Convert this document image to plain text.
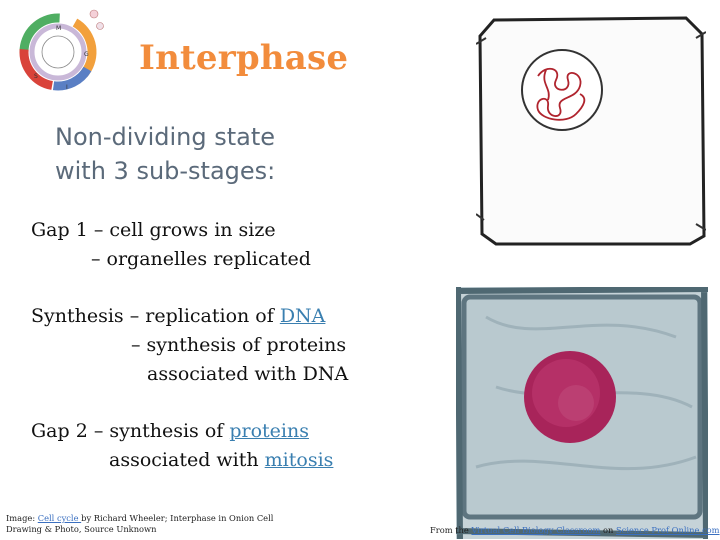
M
G
S
I
Interphase
Non-dividing state
with 3 sub-stages:
Gap 1 – cell grows in size
– organelles replicated
Synthesis – replication of DNA
– synthesis of proteins
associated with DNA
Gap 2 – synthesis of proteins
associated with mitosis
Image: Cell cycle by Richard Wheeler; Interphase in Onion Cell
Drawing & Photo, Source Unknown	From the Virtual Cell Biology Classroom on Science Prof Online.com
